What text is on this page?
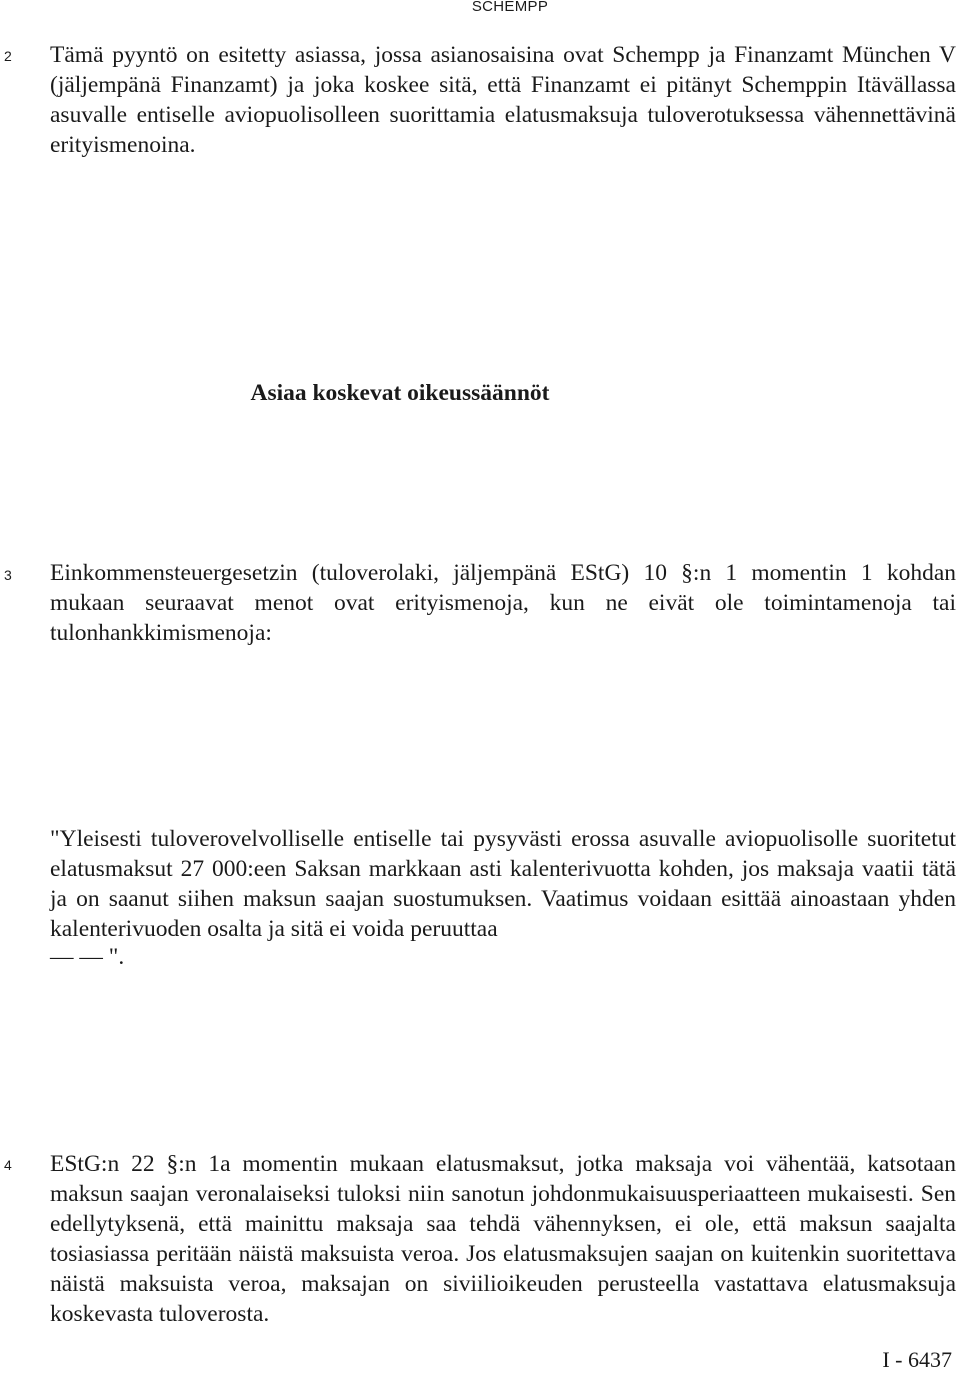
SCHEMPP
2 Tämä pyyntö on esitetty asiassa, jossa asianosaisina ovat Schempp ja Finanzamt München V (jäljempänä Finanzamt) ja joka koskee sitä, että Finanzamt ei pitänyt Schemppin Itävällassa asuvalle entiselle aviopuolisolleen suorittamia elatusmaksuja tuloverotuksessa vähennettävinä erityismenoina.
Asiaa koskevat oikeussäännöt
3 Einkommensteuergesetzin (tuloverolaki, jäljempänä EStG) 10 §:n 1 momentin 1 kohdan mukaan seuraavat menot ovat erityismenoja, kun ne eivät ole toimintamenoja tai tulonhankkimismenoja:
"Yleisesti tuloverovelvolliselle entiselle tai pysyvästi erossa asuvalle aviopuolisolle suoritetut elatusmaksut 27 000:een Saksan markkaan asti kalenterivuotta kohden, jos maksaja vaatii tätä ja on saanut siihen maksun saajan suostumuksen. Vaatimus voidaan esittää ainoastaan yhden kalenterivuoden osalta ja sitä ei voida peruuttaa
— — ".
4 EStG:n 22 §:n 1a momentin mukaan elatusmaksut, jotka maksaja voi vähentää, katsotaan maksun saajan veronalaiseksi tuloksi niin sanotun johdonmukaisuusperiaatteen mukaisesti. Sen edellytyksenä, että mainittu maksaja saa tehdä vähennyksen, ei ole, että maksun saajalta tosiasiassa peritään näistä maksuista veroa. Jos elatusmaksujen saajan on kuitenkin suoritettava näistä maksuista veroa, maksajan on siviilioikeuden perusteella vastattava elatusmaksuja koskevasta tuloverosta.
I - 6437
